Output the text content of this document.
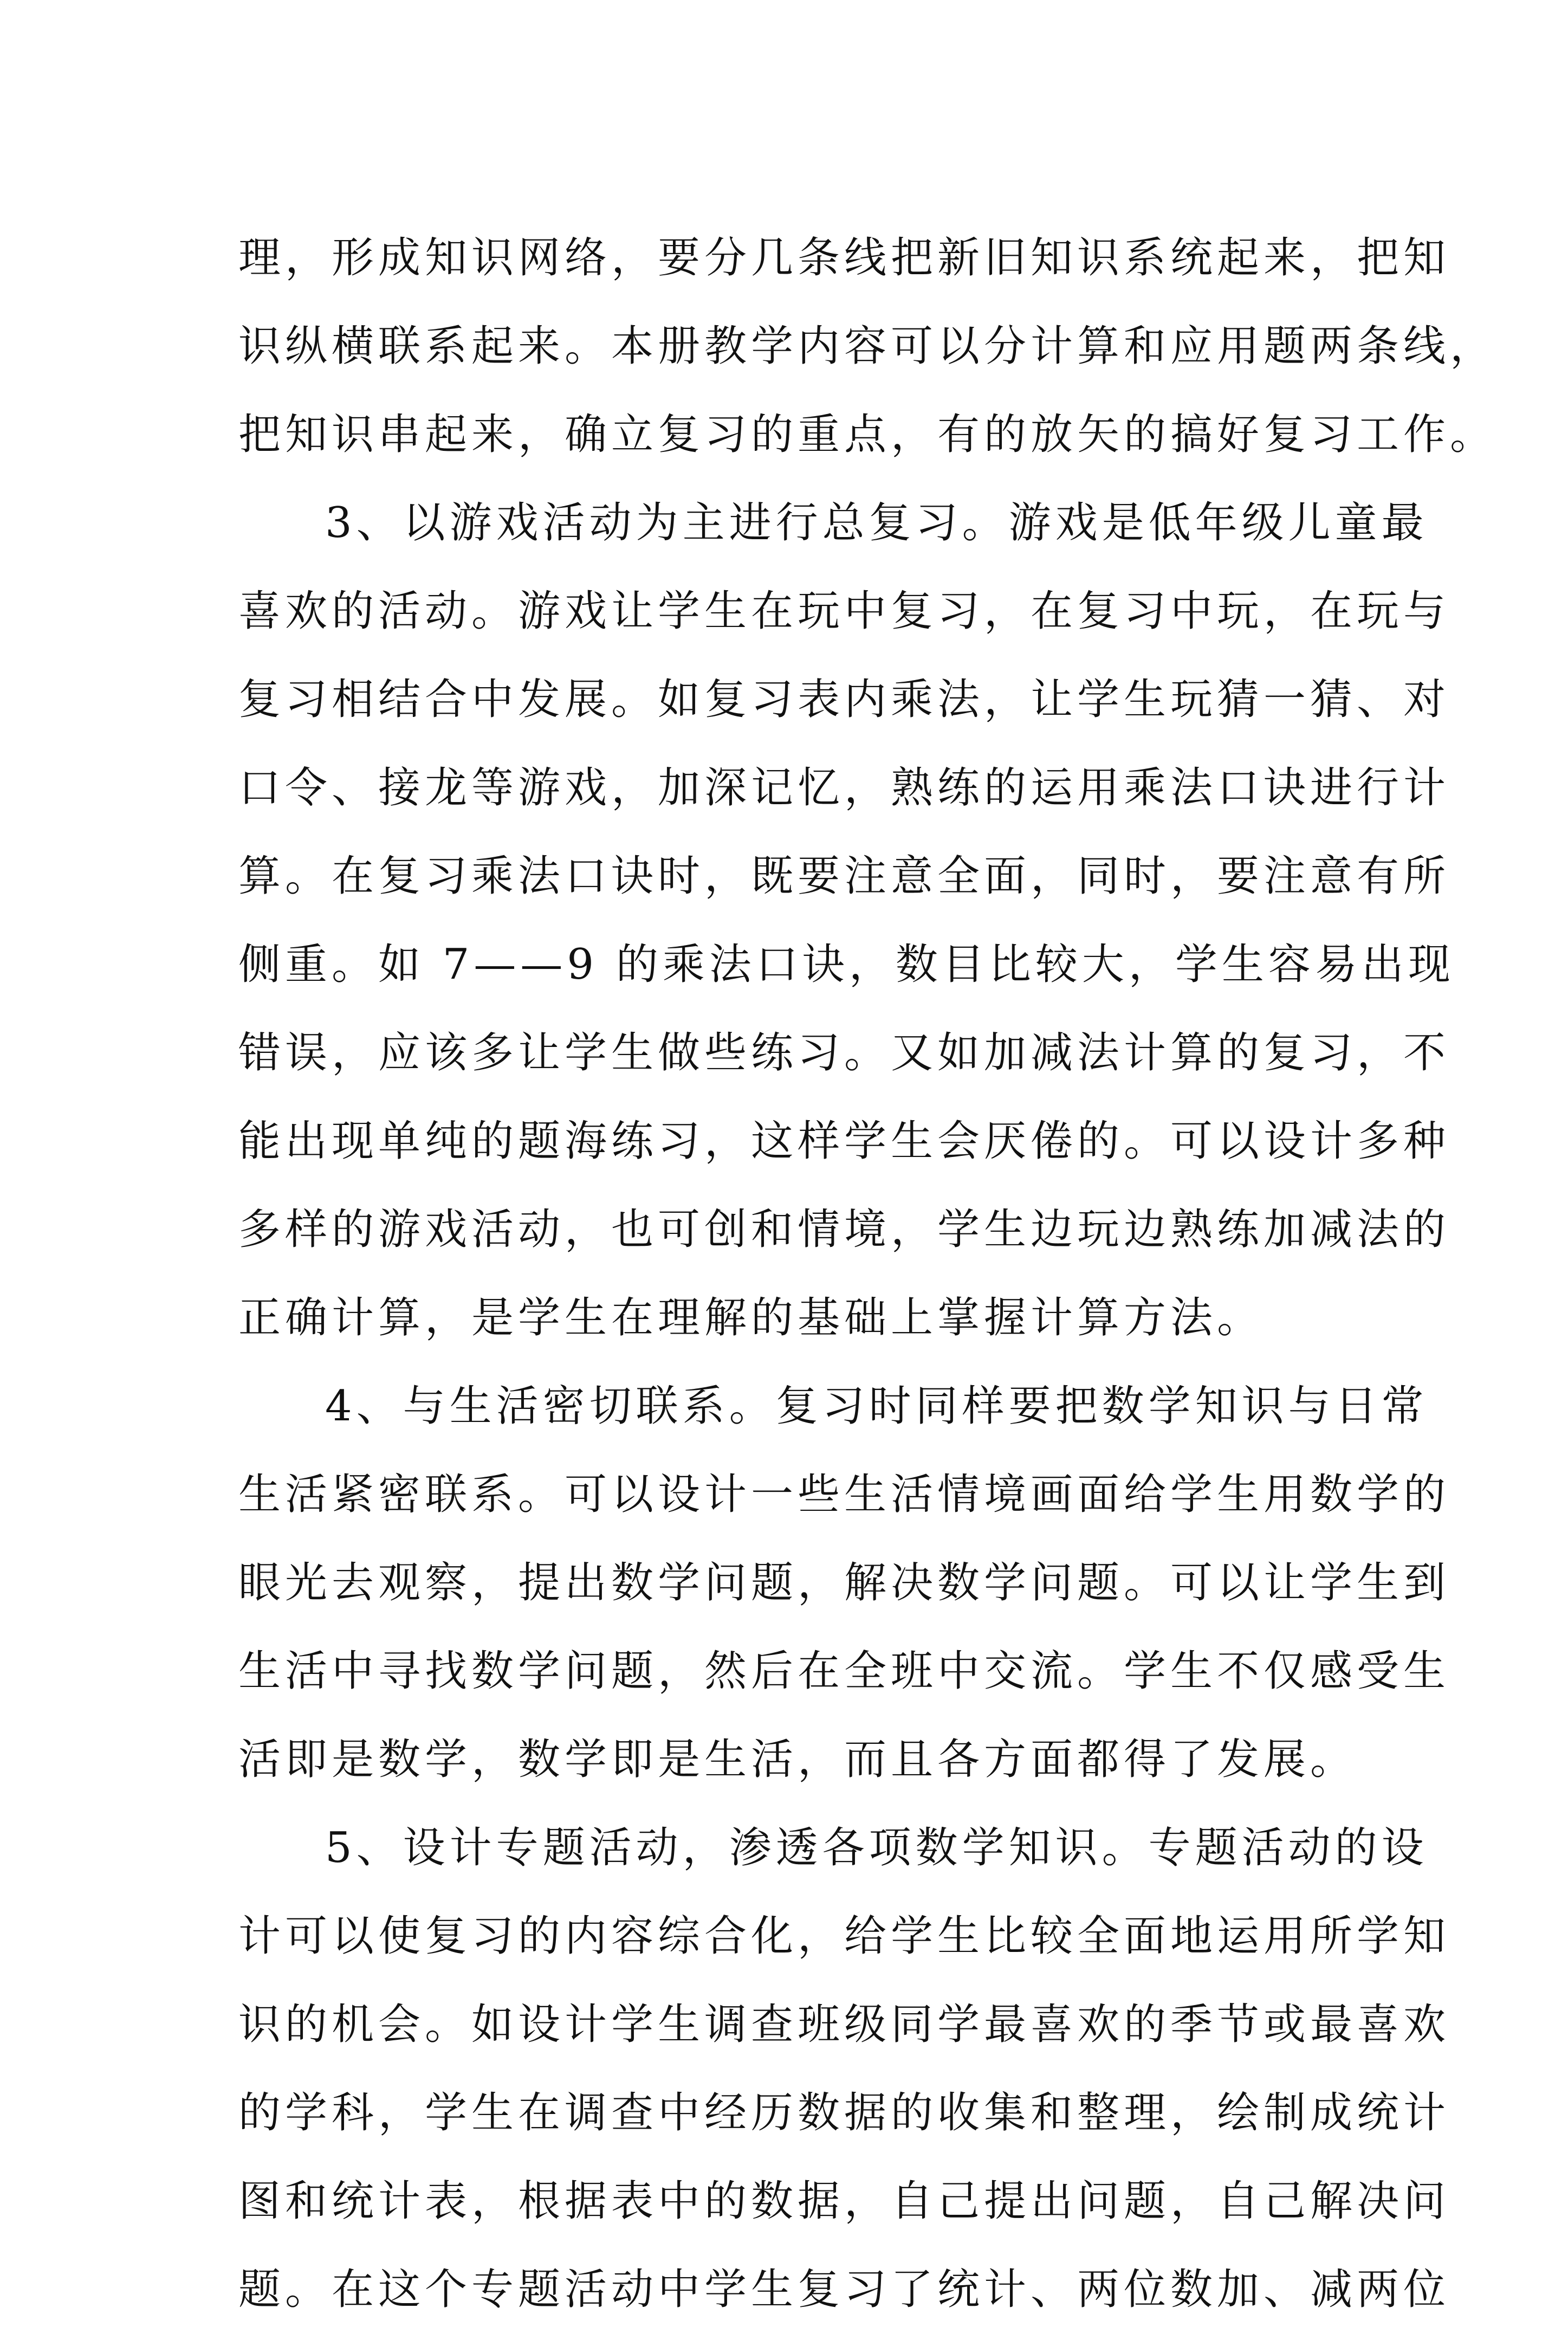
理，形成知识网络，要分几条线把新旧知识系统起来，把知
识纵横联系起来。本册教学内容可以分计算和应用题两条线，
把知识串起来，确立复习的重点，有的放矢的搞好复习工作。
3、以游戏活动为主进行总复习。游戏是低年级儿童最
喜欢的活动。游戏让学生在玩中复习，在复习中玩，在玩与
复习相结合中发展。如复习表内乘法，让学生玩猜一猜、对
口令、接龙等游戏，加深记忆，熟练的运用乘法口诀进行计
算。在复习乘法口诀时，既要注意全面，同时，要注意有所
侧重。如 7——9 的乘法口诀，数目比较大，学生容易出现
错误，应该多让学生做些练习。又如加减法计算的复习，不
能出现单纯的题海练习，这样学生会厌倦的。可以设计多种
多样的游戏活动，也可创和情境，学生边玩边熟练加减法的
正确计算，是学生在理解的基础上掌握计算方法。
4、与生活密切联系。复习时同样要把数学知识与日常
生活紧密联系。可以设计一些生活情境画面给学生用数学的
眼光去观察，提出数学问题，解决数学问题。可以让学生到
生活中寻找数学问题，然后在全班中交流。学生不仅感受生
活即是数学，数学即是生活，而且各方面都得了发展。
5、设计专题活动，渗透各项数学知识。专题活动的设
计可以使复习的内容综合化，给学生比较全面地运用所学知
识的机会。如设计学生调查班级同学最喜欢的季节或最喜欢
的学科，学生在调查中经历数据的收集和整理，绘制成统计
图和统计表，根据表中的数据，自己提出问题，自己解决问
题。在这个专题活动中学生复习了统计、两位数加、减两位
